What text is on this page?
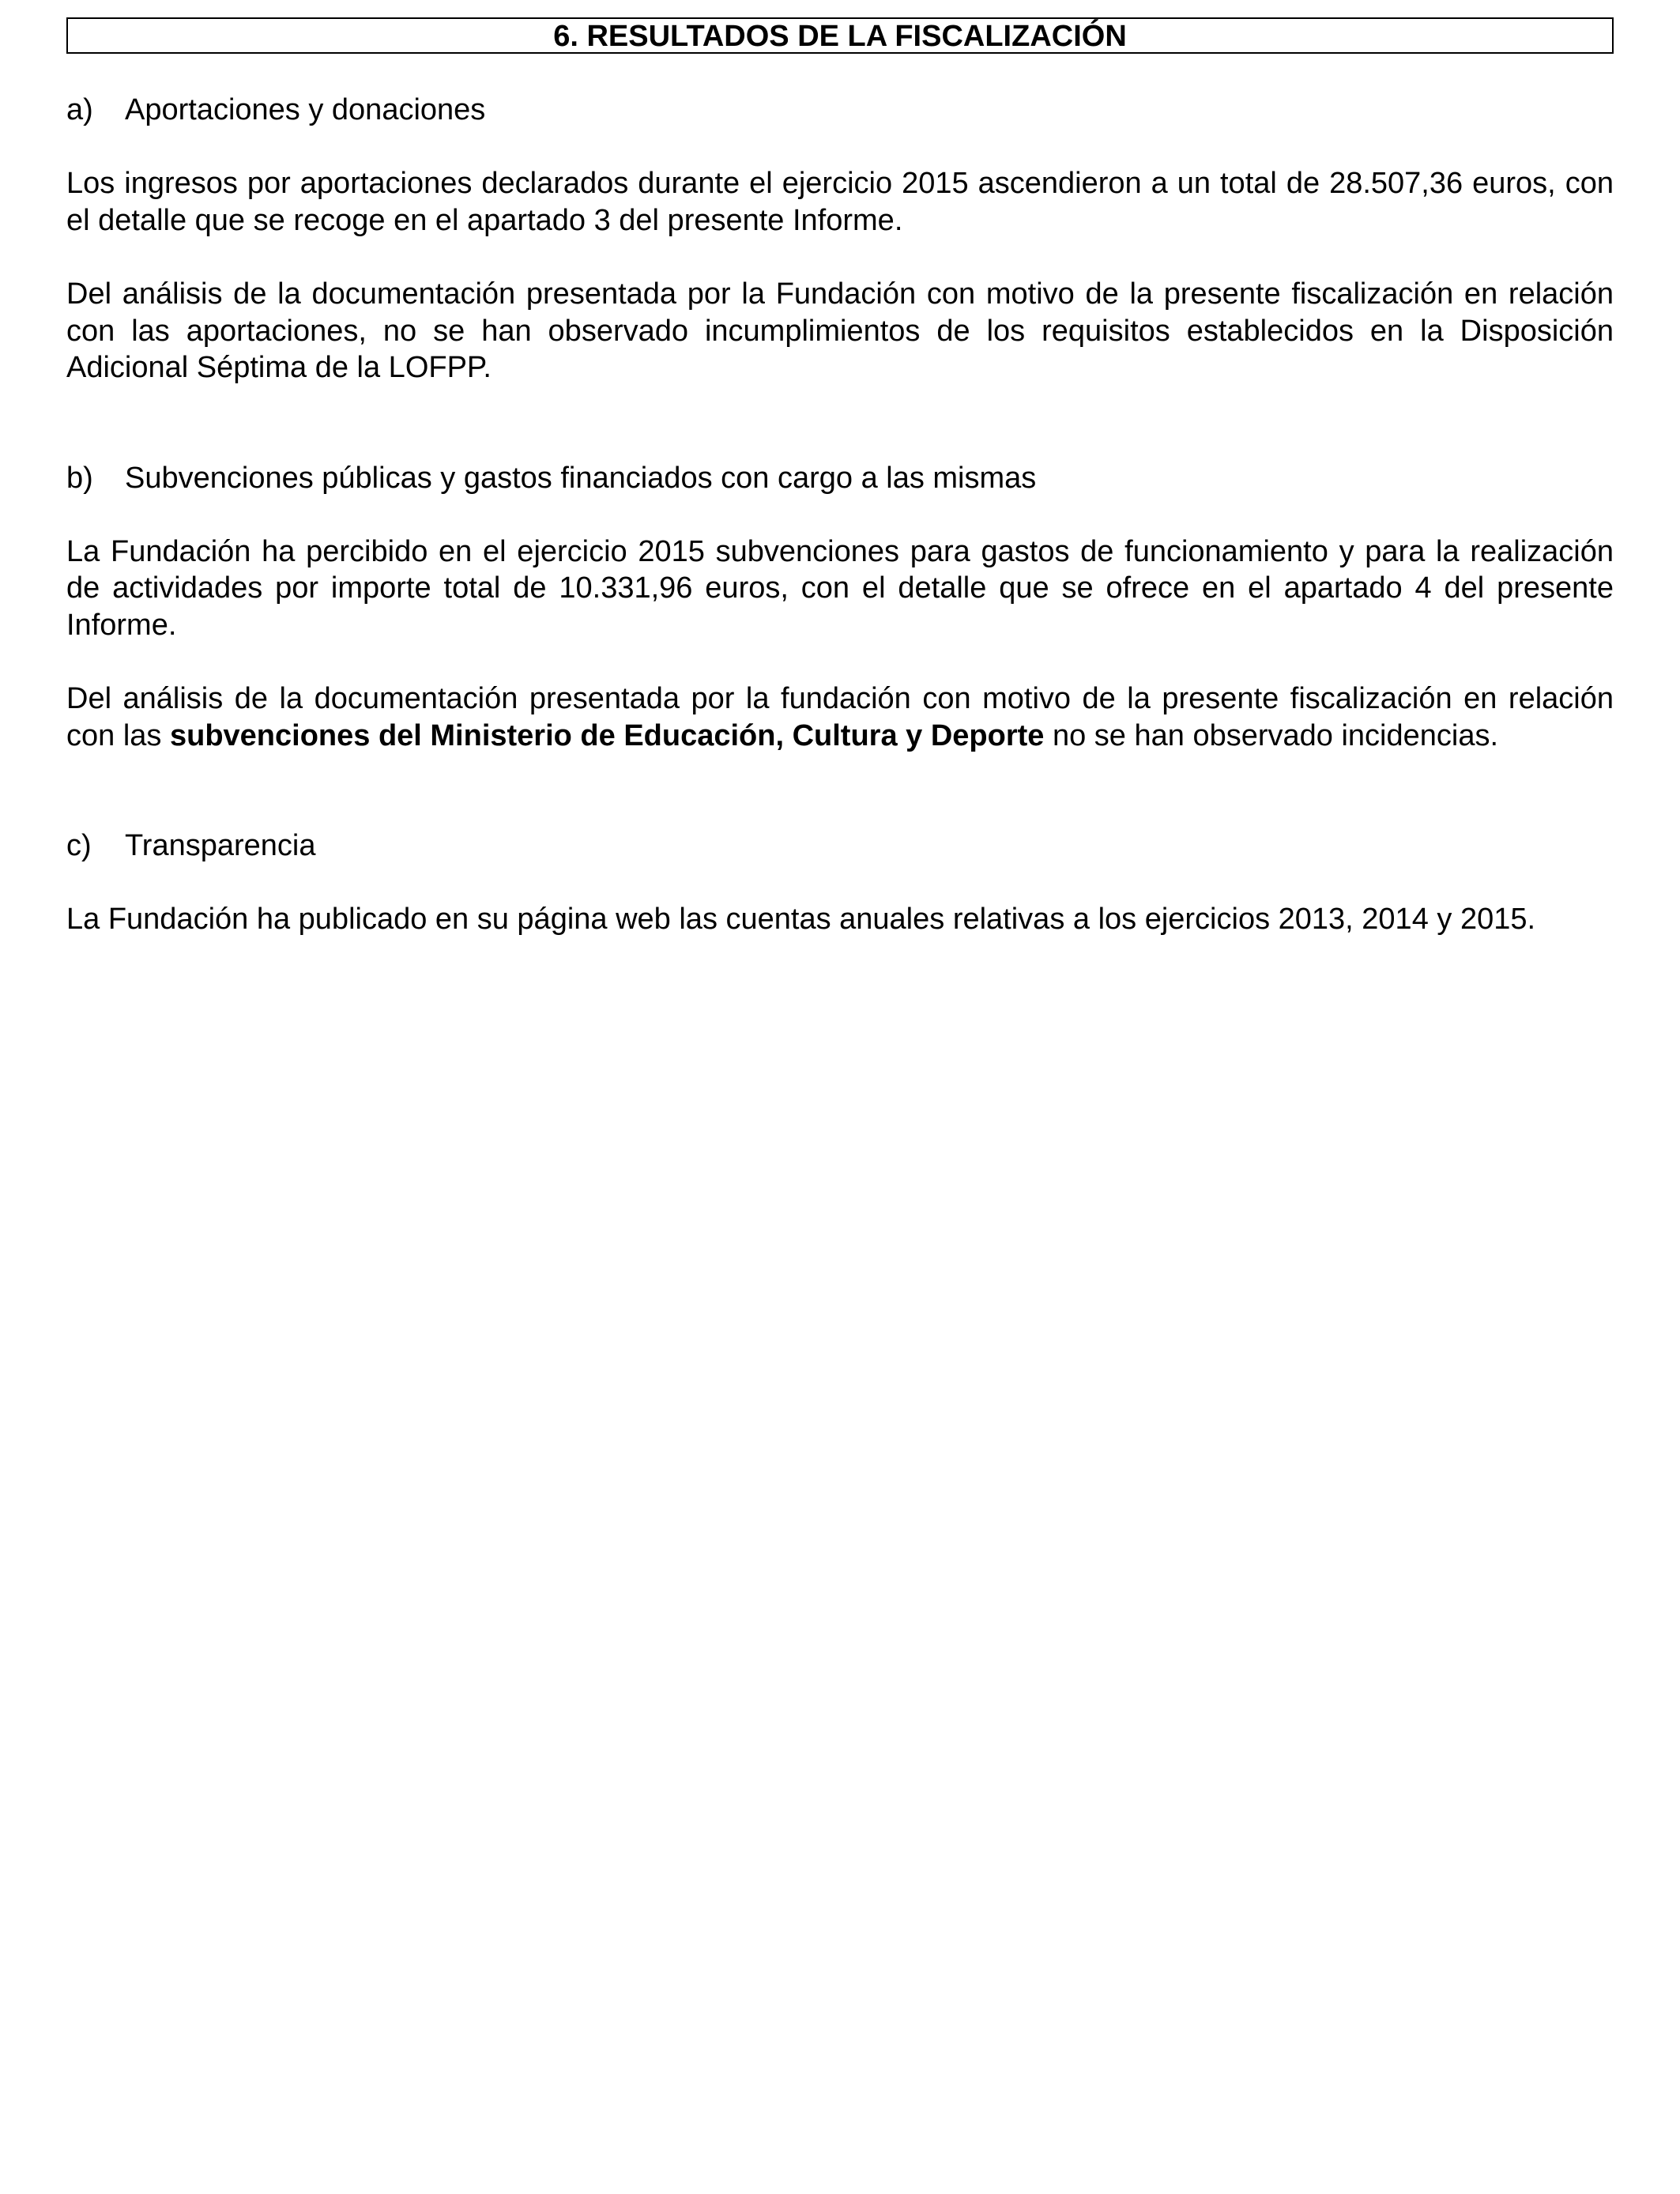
6. RESULTADOS DE LA FISCALIZACIÓN
a)	Aportaciones y donaciones
Los ingresos por aportaciones declarados durante el ejercicio 2015 ascendieron a un total de 28.507,36 euros, con el detalle que se recoge en el apartado 3 del presente Informe.
Del análisis de la documentación presentada por la Fundación con motivo de la presente fiscalización en relación con las aportaciones, no se han observado incumplimientos de los requisitos establecidos en la Disposición Adicional Séptima de la LOFPP.
b)	Subvenciones públicas y gastos financiados con cargo a las mismas
La Fundación ha percibido en el ejercicio 2015 subvenciones para gastos de funcionamiento y para la realización de actividades por importe total de 10.331,96 euros, con el detalle que se ofrece en el apartado 4 del presente Informe.
Del análisis de la documentación presentada por la fundación con motivo de la presente fiscalización en relación con las subvenciones del Ministerio de Educación, Cultura y Deporte no se han observado incidencias.
c)	Transparencia
La Fundación ha publicado en su página web las cuentas anuales relativas a los ejercicios 2013, 2014 y 2015.
